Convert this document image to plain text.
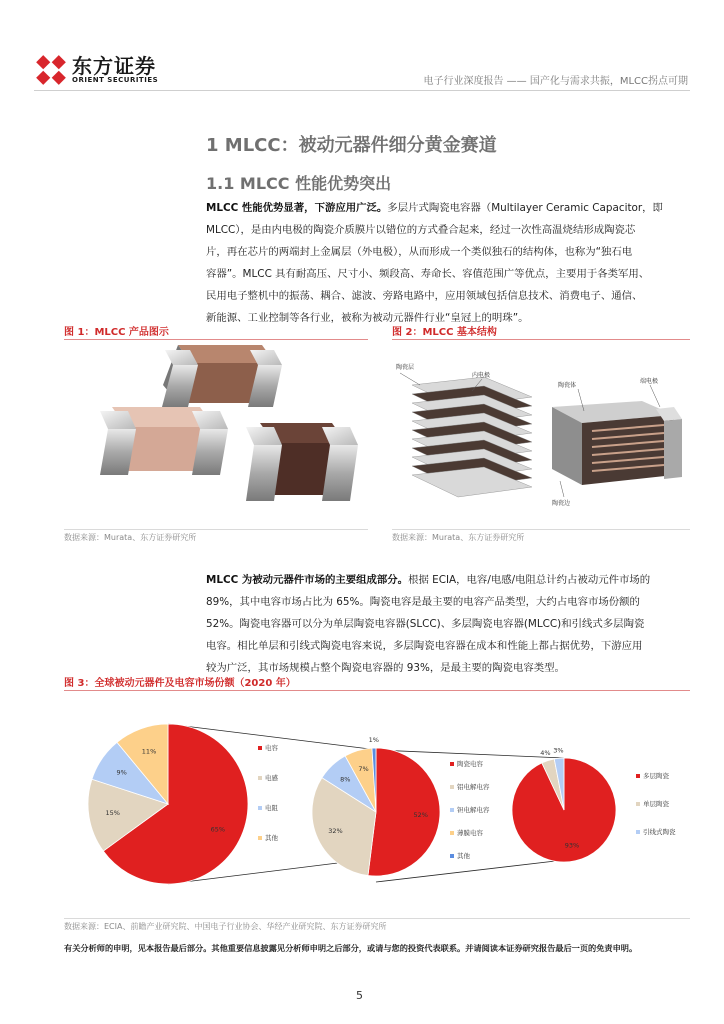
东方证券
ORIENT SECURITIES	电子行业深度报告 —— 国产化与需求共振，MLCC拐点可期
1 MLCC：被动元器件细分黄金赛道
1.1 MLCC 性能优势突出
MLCC 性能优势显著，下游应用广泛。多层片式陶瓷电容器（Multilayer Ceramic Capacitor，即
MLCC），是由内电极的陶瓷介质膜片以错位的方式叠合起来，经过一次性高温烧结形成陶瓷芯
片，再在芯片的两端封上金属层（外电极），从而形成一个类似独石的结构体，也称为“独石电
容器”。MLCC 具有耐高压、尺寸小、频段高、寿命长、容值范围广等优点，主要用于各类军用、
民用电子整机中的振荡、耦合、滤波、旁路电路中，应用领域包括信息技术、消费电子、通信、
新能源、工业控制等各行业，被称为被动元器件行业“皇冠上的明珠”。
图 1：MLCC 产品图示	图 2：MLCC 基本结构
陶瓷层
内电极
陶瓷体
端电极
陶瓷边
数据来源：Murata、东方证券研究所	数据来源：Murata、东方证券研究所
MLCC 为被动元器件市场的主要组成部分。根据 ECIA，电容/电感/电阻总计约占被动元件市场的
89%，其中电容市场占比为 65%。陶瓷电容是最主要的电容产品类型，大约占电容市场份额的
52%。陶瓷电容器可以分为单层陶瓷电容器(SLCC)、多层陶瓷电容器(MLCC)和引线式多层陶瓷
电容。相比单层和引线式陶瓷电容来说，多层陶瓷电容器在成本和性能上都占据优势，下游应用
较为广泛，其市场规模占整个陶瓷电容器的 93%，是最主要的陶瓷电容类型。
图 3：全球被动元器件及电容市场份额（2020 年）
65%
15%
9%
11%	电容
电感
电阻
其他
52%
32%
8%
7%
1%
陶瓷电容
铝电解电容
钽电解电容
薄膜电容
其他
93%
4% 3%
多层陶瓷
单层陶瓷
引线式陶瓷
数据来源：ECIA、前瞻产业研究院、中国电子行业协会、华经产业研究院、东方证券研究所
有关分析师的申明，见本报告最后部分。其他重要信息披露见分析师申明之后部分，或请与您的投资代表联系。并请阅读本证券研究报告最后一页的免责申明。
5
